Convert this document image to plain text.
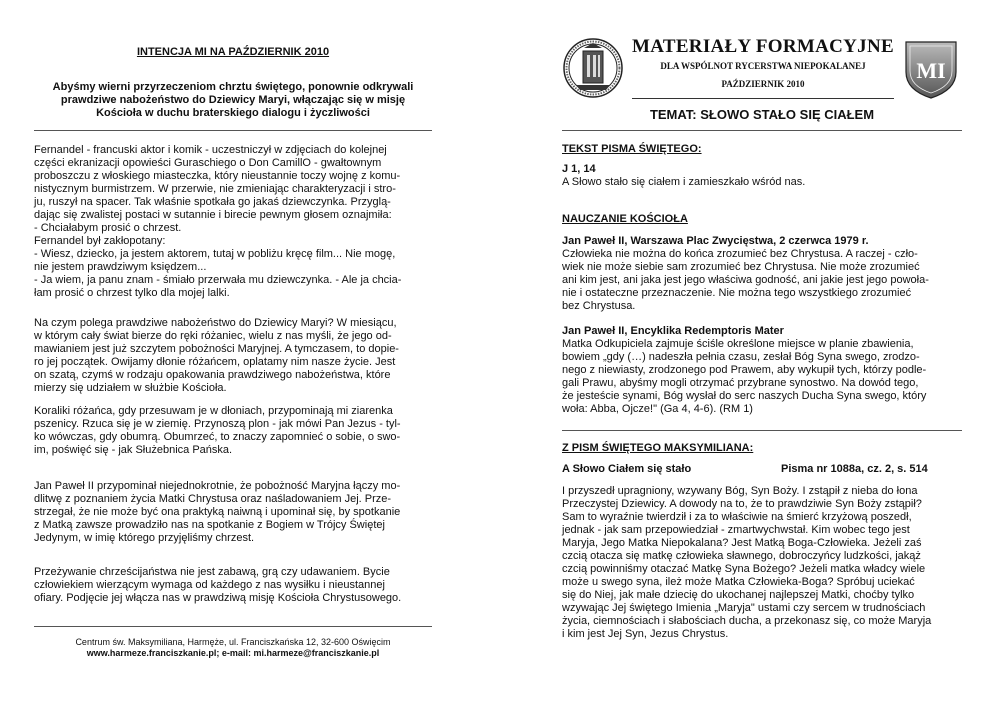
INTENCJA MI NA PAŹDZIERNIK 2010
Abyśmy wierni przyrzeczeniom chrztu świętego, ponownie odkrywali prawdziwe nabożeństwo do Dziewicy Maryi, włączając się w misję Kościoła w duchu braterskiego dialogu i życzliwości
Fernandel - francuski aktor i komik - uczestniczył w zdjęciach do kolejnej
części ekranizacji opowieści Guraschiego o Don CamillO - gwałtownym
proboszczu z włoskiego miasteczka, który nieustannie toczy wojnę z komu-
nistycznym burmistrzem. W przerwie, nie zmieniając charakteryzacji i stro-
ju, ruszył na spacer. Tak właśnie spotkała go jakaś dziewczynka. Przyglą-
dając się zwalistej postaci w sutannie i birecie pewnym głosem oznajmiła:
- Chciałabym prosić o chrzest.
Fernandel był zakłopotany:
- Wiesz, dziecko, ja jestem aktorem, tutaj w pobliżu kręcę film... Nie mogę,
nie jestem prawdziwym księdzem...
- Ja wiem, ja panu znam - śmiało przerwała mu dziewczynka. - Ale ja chcia-
łam prosić o chrzest tylko dla mojej lalki.
Na czym polega prawdziwe nabożeństwo do Dziewicy Maryi? W miesiącu,
w którym cały świat bierze do ręki różaniec, wielu z nas myśli, że jego od-
mawianiem jest już szczytem pobożności Maryjnej. A tymczasem, to dopie-
ro jej początek. Owijamy dłonie różańcem, oplatamy nim nasze życie. Jest
on szatą, czymś w rodzaju opakowania prawdziwego nabożeństwa, które
mierzy się udziałem w służbie Kościoła.
Koraliki różańca, gdy przesuwam je w dłoniach, przypominają mi ziarenka
pszenicy. Rzuca się je w ziemię. Przynoszą plon - jak mówi Pan Jezus - tyl-
ko wówczas, gdy obumrą. Obumrzeć, to znaczy zapomnieć o sobie, o swo-
im, poświęć się - jak Służebnica Pańska.
Jan Paweł II przypominał niejednokrotnie, że pobożność Maryjna łączy mo-
dlitwę z poznaniem życia Matki Chrystusa oraz naśladowaniem Jej. Prze-
strzegał, że nie może być ona praktyką naiwną i upominał się, by spotkanie
z Matką zawsze prowadziło nas na spotkanie z Bogiem w Trójcy Świętej
Jedynym, w imię którego przyjęliśmy chrzest.
Przeżywanie chrześcijaństwa nie jest zabawą, grą czy udawaniem. Bycie
człowiekiem wierzącym wymaga od każdego z nas wysiłku i nieustannej
ofiary. Podjęcie jej włącza nas w prawdziwą misję Kościoła Chrystusowego.
Centrum św. Maksymiliana, Harmęże, ul. Franciszkańska 12, 32-600 Oświęcim
www.harmeze.franciszkanie.pl; e-mail: mi.harmeze@franciszkanie.pl
MATERIAŁY FORMACYJNE
DLA WSPÓLNOT RYCERSTWA NIEPOKALANEJ
PAŹDZIERNIK 2010
MI
TEMAT: SŁOWO STAŁO SIĘ CIAŁEM
TEKST PISMA ŚWIĘTEGO:
J 1, 14
A Słowo stało się ciałem i zamieszkało wśród nas.
NAUCZANIE KOŚCIOŁA
Jan Paweł II, Warszawa Plac Zwycięstwa, 2 czerwca 1979 r.
Człowieka nie można do końca zrozumieć bez Chrystusa. A raczej - czło-
wiek nie może siebie sam zrozumieć bez Chrystusa. Nie może zrozumieć
ani kim jest, ani jaka jest jego właściwa godność, ani jakie jest jego powoła-
nie i ostateczne przeznaczenie. Nie można tego wszystkiego zrozumieć
bez Chrystusa.
Jan Paweł II, Encyklika Redemptoris Mater
Matka Odkupiciela zajmuje ściśle określone miejsce w planie zbawienia,
bowiem „gdy (…) nadeszła pełnia czasu, zesłał Bóg Syna swego, zrodzo-
nego z niewiasty, zrodzonego pod Prawem, aby wykupił tych, którzy podle-
gali Prawu, abyśmy mogli otrzymać przybrane synostwo. Na dowód tego,
że jesteście synami, Bóg wysłał do serc naszych Ducha Syna swego, który
woła: Abba, Ojcze!" (Ga 4, 4-6). (RM 1)
Z PISM ŚWIĘTEGO MAKSYMILIANA:
A Słowo Ciałem się stało	Pisma nr 1088a, cz. 2, s. 514
I przyszedł upragniony, wzywany Bóg, Syn Boży. I zstąpił z nieba do łona
Przeczystej Dziewicy. A dowody na to, że to prawdziwie Syn Boży zstąpił?
Sam to wyraźnie twierdził i za to właściwie na śmierć krzyżową poszedł,
jednak - jak sam przepowiedział - zmartwychwstał. Kim wobec tego jest
Maryja, Jego Matka Niepokalana? Jest Matką Boga-Człowieka. Jeżeli zaś
czcią otacza się matkę człowieka sławnego, dobroczyńcy ludzkości, jakąż
czcią powinniśmy otaczać Matkę Syna Bożego? Jeżeli matka władcy wiele
może u swego syna, ileż może Matka Człowieka-Boga? Spróbuj uciekać
się do Niej, jak małe dziecię do ukochanej najlepszej Matki, choćby tylko
wzywając Jej świętego Imienia „Maryja" ustami czy sercem w trudnościach
życia, ciemnościach i słabościach ducha, a przekonasz się, co może Maryja
i kim jest Jej Syn, Jezus Chrystus.
